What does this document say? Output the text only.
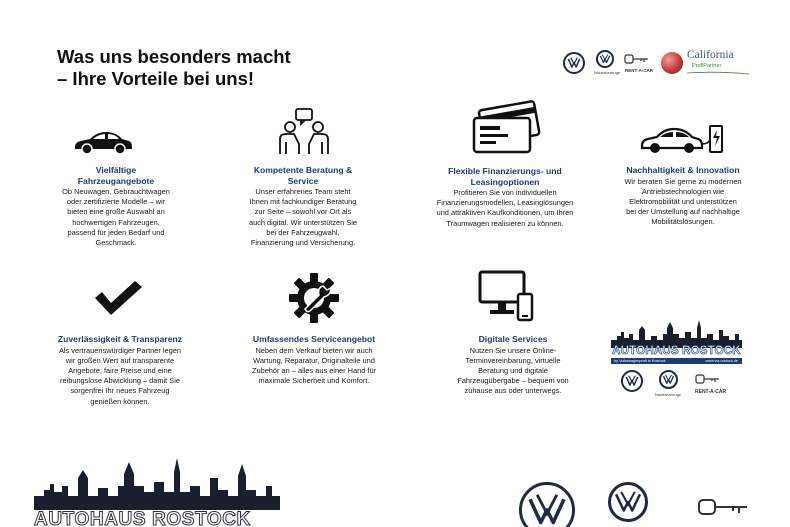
Was uns besonders macht
– Ihre Vorteile bei uns!	Nutzfahrzeuge RENT-A-CAR
California
ProfiPartner
Vielfältige Fahrzeugangebote
Ob Neuwagen, Gebrauchtwagen
oder zertifizierte Modelle – wir
bieten eine große Auswahl an
hochwertigen Fahrzeugen,
passend für jeden Bedarf und
Geschmack.
Kompetente Beratung & Service
Unser erfahrenes Team steht
Ihnen mit fachkundiger Beratung
zur Seite – sowohl vor Ort als
auch digital. Wir unterstützen Sie
bei der Fahrzeugwahl,
Finanzierung und Versicherung.
Flexible Finanzierungs- und Leasingoptionen
Profitieren Sie von individuellen
Finanzierungsmodellen, Leasinglösungen
und attraktiven Kaufkonditionen, um Ihren
Traumwagen realisieren zu können.
Nachhaltigkeit & Innovation
Wir beraten Sie gerne zu modernen
Antriebstechnologien wie
Elektromobilität und unterstützen
bei der Umstellung auf nachhaltige
Mobilitätslösungen.
Zuverlässigkeit & Transparenz
Als vertrauenswürdiger Partner legen
wir großen Wert auf transparente
Angebote, faire Preise und eine
reibungslose Abwicklung – damit Sie
sorgenfrei Ihr neues Fahrzeug
genießen können.
Umfassendes Serviceangebot
Neben dem Verkauf bieten wir auch
Wartung, Reparatur, Originalteile und
Zubehör an – alles aus einer Hand für
maximale Sicherheit und Komfort.
Digitale Services
Nutzen Sie unsere Online-
Terminvereinbarung, virtuelle
Beratung und digitale
Fahrzeugübergabe – bequem von
zuhause aus oder unterwegs.
AUTOHAUS ROSTOCK
by Volkswagenprofi in Rostock	www.vw-rostock.de
Nutzfahrzeuge	RENT-A-CAR
AUTOHAUS ROSTOCK
